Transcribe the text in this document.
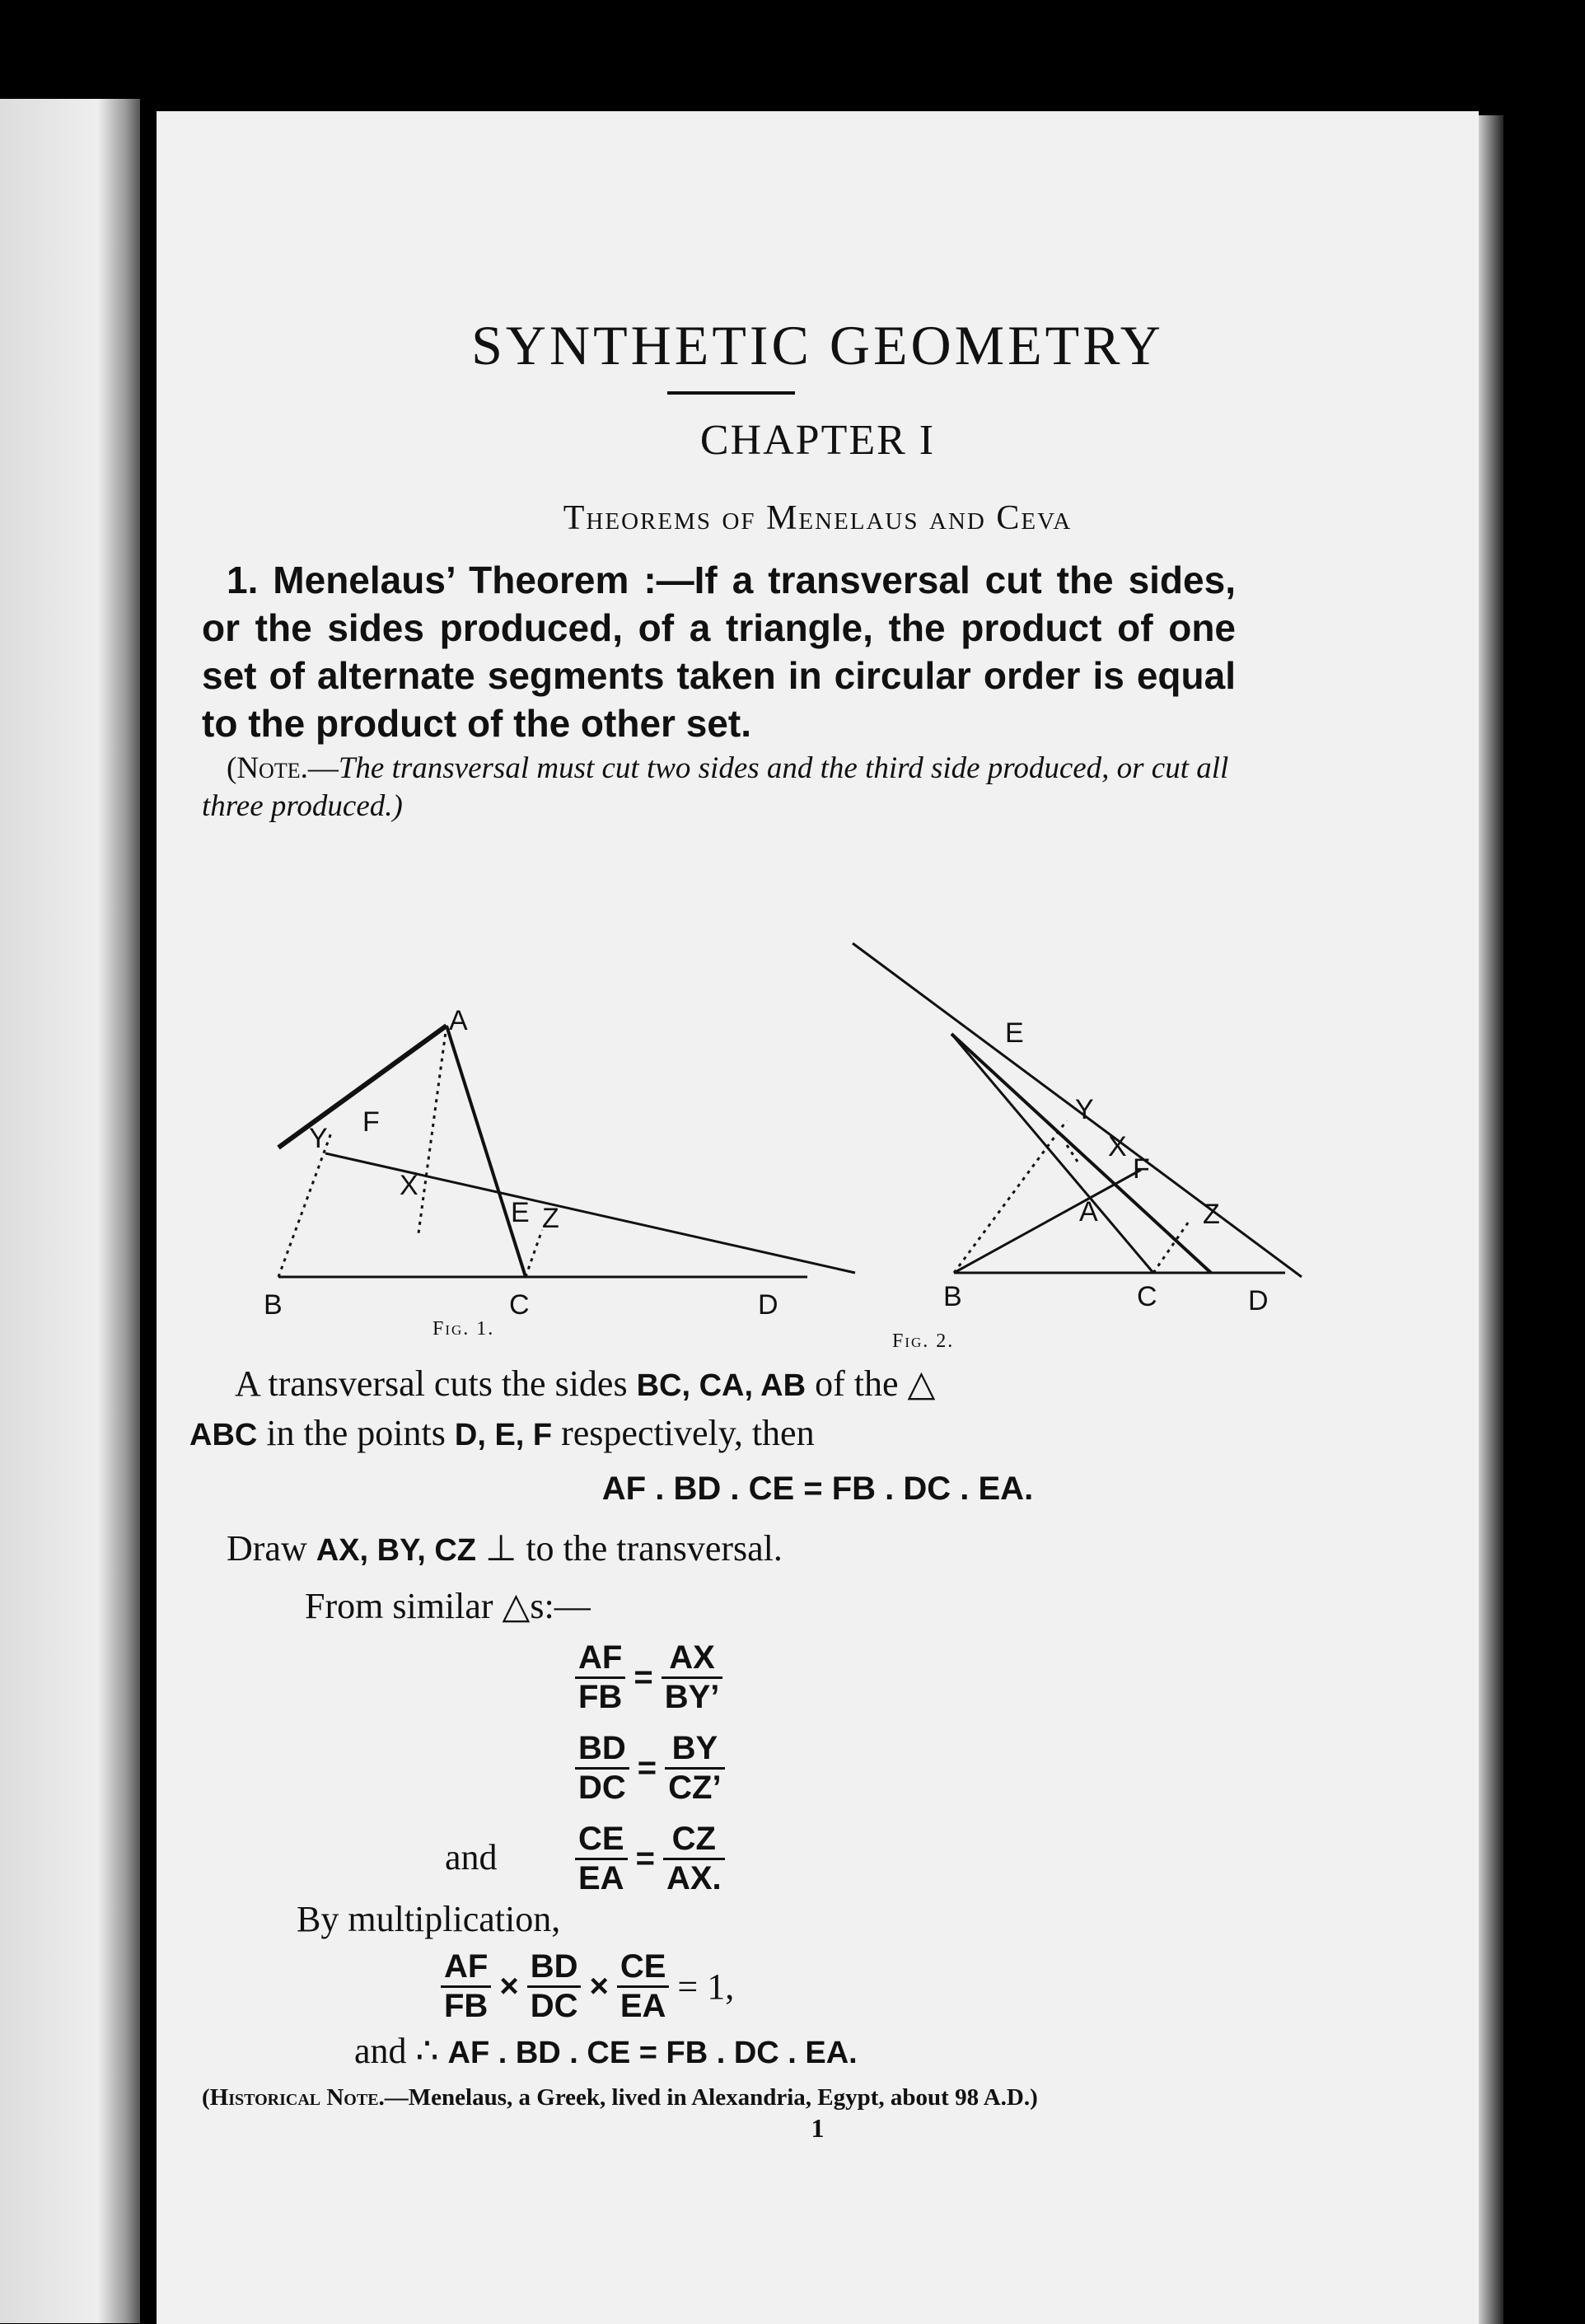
SYNTHETIC GEOMETRY
CHAPTER I
Theorems of Menelaus and Ceva
1. Menelaus’ Theorem :—If a transversal cut the sides, or the sides produced, of a triangle, the product of one set of alternate segments taken in circular order is equal to the product of the other set.
(Note.—The transversal must cut two sides and the third side produced, or cut all three produced.)
A
B	C	D
E
F
X
Y
Z
Fig. 1.
E
Y
X
F
A	Z
B	C	D
Fig. 2.
A transversal cuts the sides BC, CA, AB of the △
ABC in the points D, E, F respectively, then
AF . BD . CE = FB . DC . EA.
Draw AX, BY, CZ ⊥ to the transversal.
From similar △s:—
$\frac{AF}{FB} = \frac{AX}{BY’}$
$\frac{BD}{DC} = \frac{BY}{CZ’}$
and $\frac{CE}{EA} = \frac{CZ}{AX.}$
By multiplication,
$\frac{AF}{FB} \times \frac{BD}{DC} \times \frac{CE}{EA} = 1$,
and ∴ AF . BD . CE = FB . DC . EA.
(Historical Note.—Menelaus, a Greek, lived in Alexandria, Egypt, about 98 A.D.)
1
